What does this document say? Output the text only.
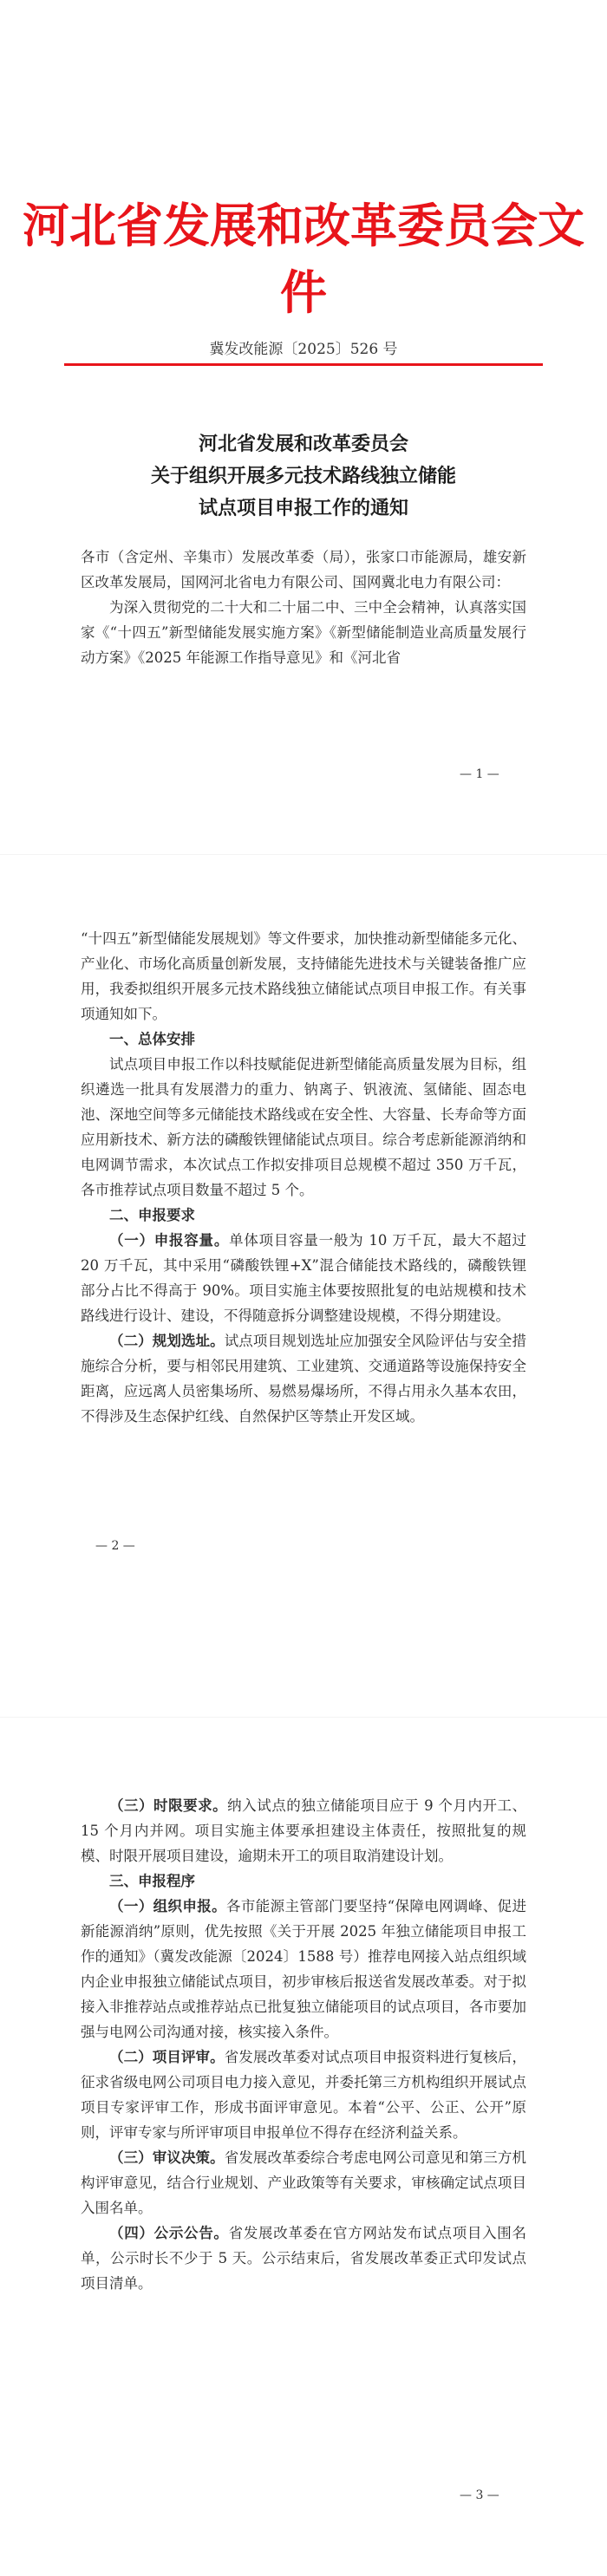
河北省发展和改革委员会文件
冀发改能源〔2025〕526 号
河北省发展和改革委员会
关于组织开展多元技术路线独立储能
试点项目申报工作的通知

各市（含定州、辛集市）发展改革委（局），张家口市能源局，雄安新区改革发展局，国网河北省电力有限公司、国网冀北电力有限公司：

为深入贯彻党的二十大和二十届二中、三中全会精神，认真落实国家《“十四五”新型储能发展实施方案》《新型储能制造业高质量发展行动方案》《2025 年能源工作指导意见》和《河北省

— 1 —

“十四五”新型储能发展规划》等文件要求，加快推动新型储能多元化、产业化、市场化高质量创新发展，支持储能先进技术与关键装备推广应用，我委拟组织开展多元技术路线独立储能试点项目申报工作。有关事项通知如下。

一、总体安排

试点项目申报工作以科技赋能促进新型储能高质量发展为目标，组织遴选一批具有发展潜力的重力、钠离子、钒液流、氢储能、固态电池、深地空间等多元储能技术路线或在安全性、大容量、长寿命等方面应用新技术、新方法的磷酸铁锂储能试点项目。综合考虑新能源消纳和电网调节需求，本次试点工作拟安排项目总规模不超过 350 万千瓦，各市推荐试点项目数量不超过 5 个。

二、申报要求

（一）申报容量。单体项目容量一般为 10 万千瓦，最大不超过 20 万千瓦，其中采用“磷酸铁锂+X”混合储能技术路线的，磷酸铁锂部分占比不得高于 90%。项目实施主体要按照批复的电站规模和技术路线进行设计、建设，不得随意拆分调整建设规模，不得分期建设。

（二）规划选址。试点项目规划选址应加强安全风险评估与安全措施综合分析，要与相邻民用建筑、工业建筑、交通道路等设施保持安全距离，应远离人员密集场所、易燃易爆场所，不得占用永久基本农田，不得涉及生态保护红线、自然保护区等禁止开发区域。

— 2 —

（三）时限要求。纳入试点的独立储能项目应于 9 个月内开工、15 个月内并网。项目实施主体要承担建设主体责任，按照批复的规模、时限开展项目建设，逾期未开工的项目取消建设计划。

三、申报程序

（一）组织申报。各市能源主管部门要坚持“保障电网调峰、促进新能源消纳”原则，优先按照《关于开展 2025 年独立储能项目申报工作的通知》（冀发改能源〔2024〕1588 号）推荐电网接入站点组织域内企业申报独立储能试点项目，初步审核后报送省发展改革委。对于拟接入非推荐站点或推荐站点已批复独立储能项目的试点项目，各市要加强与电网公司沟通对接，核实接入条件。

（二）项目评审。省发展改革委对试点项目申报资料进行复核后，征求省级电网公司项目电力接入意见，并委托第三方机构组织开展试点项目专家评审工作，形成书面评审意见。本着“公平、公正、公开”原则，评审专家与所评审项目申报单位不得存在经济利益关系。

（三）审议决策。省发展改革委综合考虑电网公司意见和第三方机构评审意见，结合行业规划、产业政策等有关要求，审核确定试点项目入围名单。

（四）公示公告。省发展改革委在官方网站发布试点项目入围名单，公示时长不少于 5 天。公示结束后，省发展改革委正式印发试点项目清单。

— 3 —
